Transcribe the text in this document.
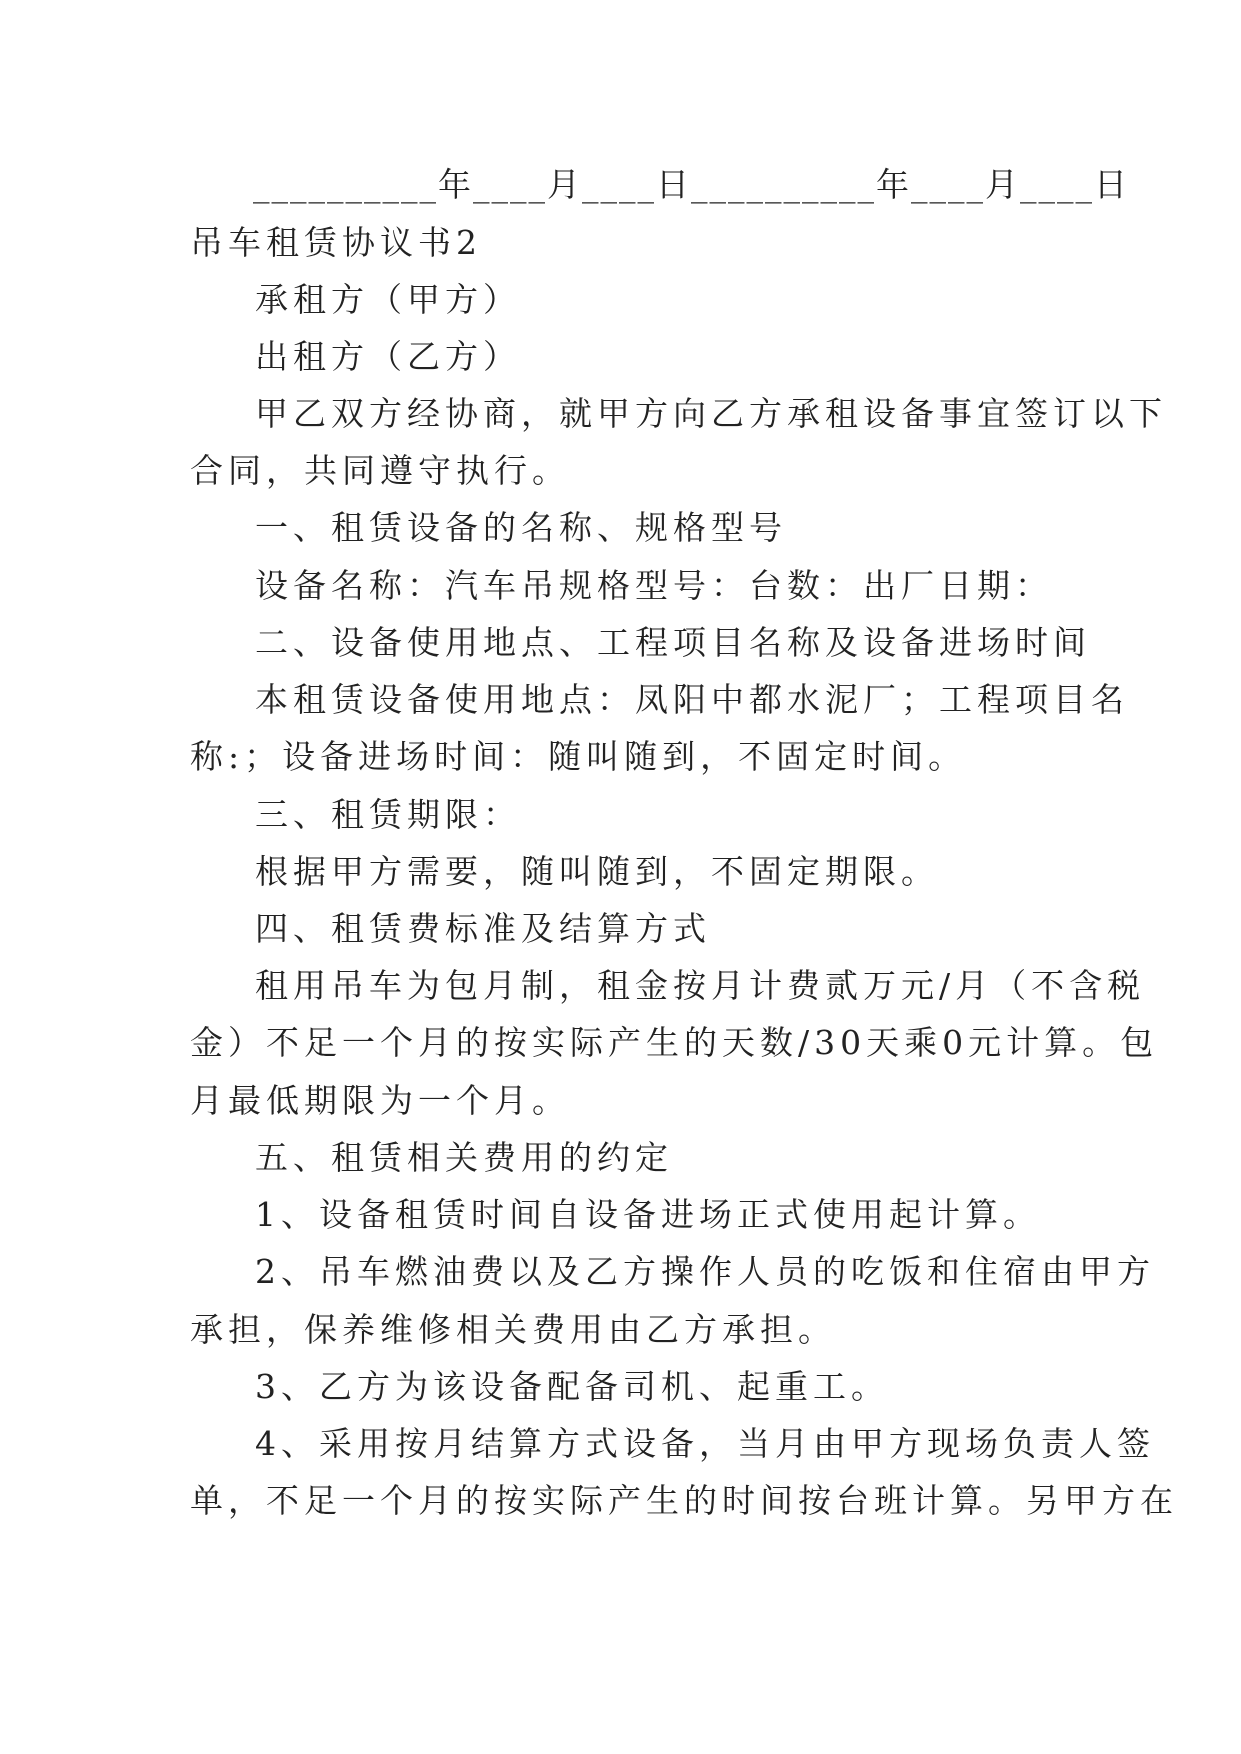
__________年____月____日__________年____月____日
吊车租赁协议书2
承租方（甲方）
出租方（乙方）
甲乙双方经协商，就甲方向乙方承租设备事宜签订以下
合同，共同遵守执行。
一、租赁设备的名称、规格型号
设备名称：汽车吊规格型号：台数：出厂日期：
二、设备使用地点、工程项目名称及设备进场时间
本租赁设备使用地点：凤阳中都水泥厂；工程项目名
称:；设备进场时间：随叫随到，不固定时间。
三、租赁期限：
根据甲方需要，随叫随到，不固定期限。
四、租赁费标准及结算方式
租用吊车为包月制，租金按月计费贰万元/月（不含税
金）不足一个月的按实际产生的天数/30天乘0元计算。包
月最低期限为一个月。
五、租赁相关费用的约定
1、设备租赁时间自设备进场正式使用起计算。
2、吊车燃油费以及乙方操作人员的吃饭和住宿由甲方
承担，保养维修相关费用由乙方承担。
3、乙方为该设备配备司机、起重工。
4、采用按月结算方式设备，当月由甲方现场负责人签
单，不足一个月的按实际产生的时间按台班计算。另甲方在
